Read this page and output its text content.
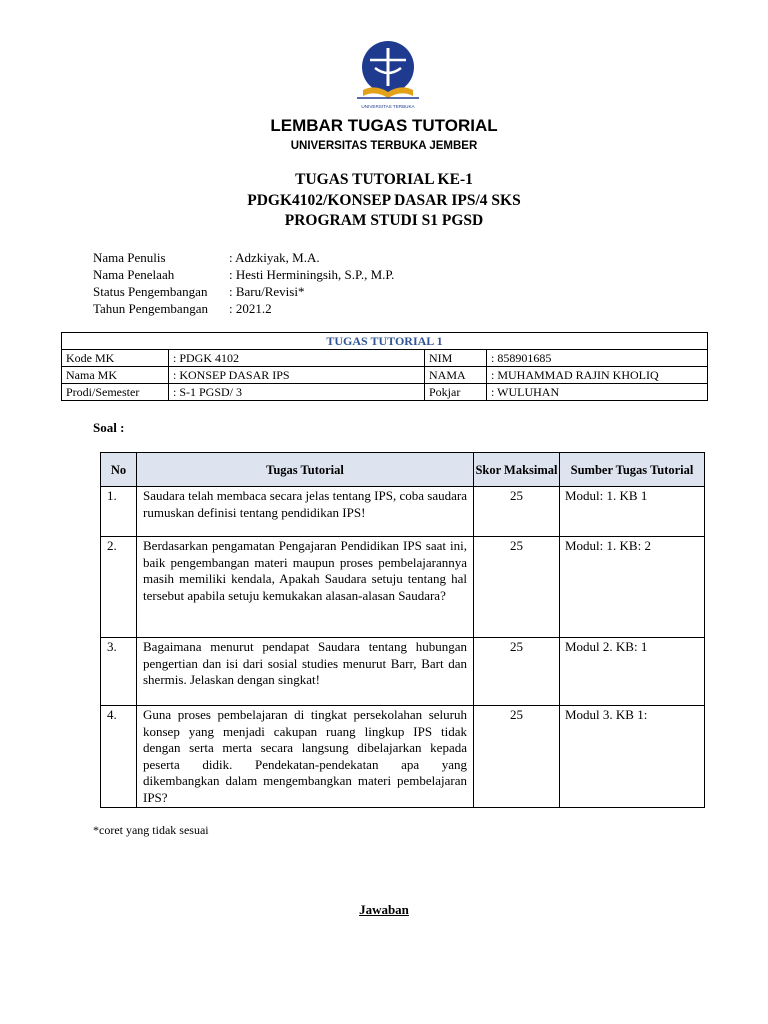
UNIVERSITAS TERBUKA
LEMBAR TUGAS TUTORIAL
UNIVERSITAS TERBUKA JEMBER
TUGAS TUTORIAL KE-1
PDGK4102/KONSEP DASAR IPS/4 SKS
PROGRAM STUDI S1 PGSD
Nama Penulis	: Adzkiyak, M.A.
Nama Penelaah	: Hesti Herminingsih, S.P., M.P.
Status Pengembangan : Baru/Revisi*
Tahun Pengembangan : 2021.2
TUGAS TUTORIAL 1			
Kode MK	: PDGK 4102	NIM	: 858901685
Nama MK	: KONSEP DASAR IPS	NAMA	: MUHAMMAD RAJIN KHOLIQ
Prodi/Semester	: S-1 PGSD/ 3	Pokjar	: WULUHAN
Soal :
No	Tugas Tutorial	Skor Maksimal	Sumber Tugas Tutorial
1.	Saudara telah membaca secara jelas tentang IPS, coba saudara rumuskan definisi tentang pendidikan IPS!	25	Modul: 1. KB 1
2.	Berdasarkan pengamatan Pengajaran Pendidikan IPS saat ini, baik pengembangan materi maupun proses pembelajarannya masih memiliki kendala, Apakah Saudara setuju tentang hal tersebut apabila setuju kemukakan alasan-alasan Saudara?	25	Modul: 1. KB: 2
3.	Bagaimana menurut pendapat Saudara tentang hubungan pengertian dan isi dari sosial studies menurut Barr, Bart dan shermis. Jelaskan dengan singkat!	25	Modul 2. KB: 1
4.	Guna proses pembelajaran di tingkat persekolahan seluruh konsep yang menjadi cakupan ruang lingkup IPS tidak dengan serta merta secara langsung dibelajarkan kepada peserta didik. Pendekatan-pendekatan apa yang dikembangkan dalam mengembangkan materi pembelajaran IPS?	25	Modul 3. KB 1:
*coret yang tidak sesuai
Jawaban
